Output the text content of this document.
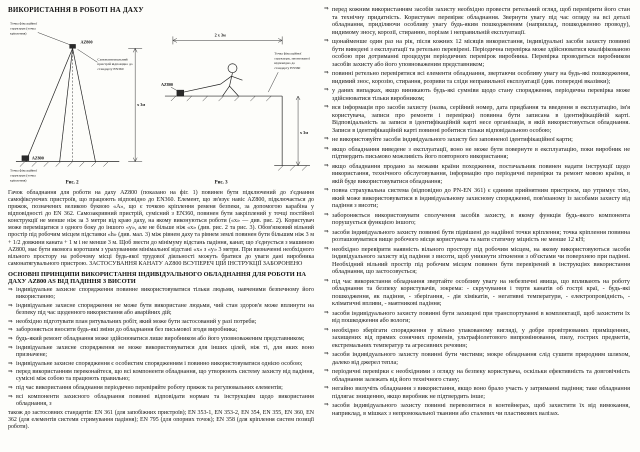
ВИКОРИСТАННЯ В РОБОТІ НА ДАХУ
Точка фіксаційної
структури (точка
кріплення)
AZ800
Самонатягувальний
пристрій відповідно до
стандарту EN360
х 3м
AZ800
Точка фіксаційної
структури (точка
кріплення)	Рис. 2
2 х 3м
Точка фіксаційної
структури, змонтованої
відповідно до
стандарту EN360
х 3м
AZ800
Рис. 3

Гачок обладнання для роботи на даху AZ800 (показано на фіг. 1) повинен бути підключений до з'єднання самофіксуючих пристроїв, що працюють відповідно до EN360. Елемент, що зв'язує навіс AZ800, підключається до пряжок, позначених великою буквою «А», що є точкою кріплення ременя безпеки, за допомогою карабіна у відповідності до EN 362. Самозакривний пристрій, сумісний з EN360, повинен бути закріплений у точці постійної конструкції не менше ніж за 3 метри від краю даху, на якому виконуються роботи («х» — див. рис. 2). Користувач може переміщатися з одного боку до іншого «у», але не більше ніж «х» (див. рис. 2 та рис. 3). Обов'язковий вільний простір під робочим місцем підставки «h» (див. мал. 3) між рівнем даху та рівнем землі повинен бути більшим ніж 3 м + 1/2 довжини каната + 1 м і не менше 3 м. Щоб звести до мінімуму відстань падіння, канат, що з'єднується з машиною AZ800, має бути якомога коротшим з урахуванням мінімальної відстані «х» з «у» 3 метри. При визначенні необхідного вільного простору на робочому місці будь-якої трудової діяльності можуть братися до уваги дані виробника самонатягувального пристрою. ЗАСТОСУВАННЯ КАНАТУ AZ800 ВСУПЕРЕЧ ЦІЙ ІНСТРУКЦІЇ ЗАБОРОНЕНО

ОСНОВНІ ПРИНЦИПИ ВИКОРИСТАННЯ ІНДИВІДУАЛЬНОГО ОБЛАДНАННЯ ДЛЯ РОБОТИ НА ДАХУ AZ800 AS ВІД ПАДІННЯ З ВИСОТИ
⇒ індивідуальне захисне спорядження повинне використовуватися тільки людьми, навченими безпечному його використанню;
⇒ індивідуальне захисне спорядження не може бути використане людьми, чий стан здоров'я може вплинути на безпеку під час щоденного використання або аварійних дій;
⇒ необхідно підготувати план рятувальних робіт, який може бути застосований у разі потреби;
⇒ забороняється вносити будь-які зміни до обладнання без письмової згоди виробника;
⇒ будь-який ремонт обладнання може здійснюватися лише виробником або його уповноваженим представником;
⇒ індивідуальне захисне спорядження не може використовуватися для інших цілей, ніж ті, для яких воно призначене;
⇒ індивідуальне захисне спорядження є особистим спорядженням і повинно використовуватися однією особою;
⇒ перед використанням переконайтеся, що всі компоненти обладнання, що утворюють систему захисту від падіння, сумісні між собою та працюють правильно;
⇒ під час використання обладнання періодично перевіряйте роботу пряжок та регулювальних елементів;
⇒ всі компоненти захисного обладнання повинні відповідати нормам та інструкціям щодо використання обладнання, з

також до застосовних стандартів: EN 361 (для запобіжних пристроїв); EN 353-1, EN 353-2, EN 354, EN 355, EN 360, EN 362 (для елементів системи стримування падіння); EN 795 (для опорних точок); EN 358 (для кріплення систем позиції роботи).

⇒ перед кожним використанням засобів захисту необхідно провести ретельний огляд, щоб перевірити його стан та технічну придатність. Користувач перевіряє обладнання. Звернути увагу під час огляду на всі деталі обладнання, приділяючи особливу увагу будь-яким пошкодженням (наприклад, пошкодженню проводу), видимому зносу, корозії, стиранню, порізам і неправильній експлуатації.
⇒ щонайменше один раз на рік, після кожних 12 місяців використання, індивідуальні засоби захисту повинні бути виведені з експлуатації та ретельно перевірені. Періодична перевірка може здійснюватися кваліфікованою особою при дотриманні процедури періодичних перевірок виробника. Перевірка проводиться виробником засобів захисту або його уповноваженим представником;
⇒ повинні ретельно перевірятися всі елементи обладнання, звертаючи особливу увагу на будь-які пошкодження, видимий знос, корозію, стирання, розриви та сліди неправильної експлуатації (див. попередні вказівки);
⇒ у даних випадках, якщо виникають будь-які сумніви щодо стану спорядження, періодична перевірка може здійснюватися тільки виробником;
⇒ вся інформація про засоби захисту (назва, серійний номер, дата придбання та введення в експлуатацію, ім'я користувача, записи про ремонти і перевірки) повинна бути записана в ідентифікаційній карті. Відповідальність за записи в ідентифікаційній карті несе організація, в якій використовується обладнання. Записи в ідентифікаційній карті повинні робитися тільки відповідальною особою;
⇒ не використовуйте засоби індивідуального захисту без заповненої ідентифікаційної карти;
⇒ якщо обладнання виведене з експлуатації, воно не може бути повернуте в експлуатацію, поки виробник не підтвердить письмово можливість його повторного використання;
⇒ якщо обладнання продано за межами країни походження, постачальник повинен надати інструкції щодо використання, технічного обслуговування, інформацію про періодичні перевірки та ремонт мовою країни, в якій буде використовуватися обладнання;
⇒ повна страхувальна система (відповідно до PN-EN 361) є єдиним прийнятним пристроєм, що утримує тіло, який може використовуватися в індивідуальному захисному спорядженні, пов'язаному із засобами захисту від падіння з висоти;
⇒ забороняється використовувати сполучення засобів захисту, в якому функція будь-якого компонента порушується функцією іншого;
⇒ засоби індивідуального захисту повинні бути підвішені до надійної точки кріплення; точка кріплення повинна розташовуватися вище робочого місця користувача та мати статичну міцність не менше 12 кН;
⇒ необхідно перевірити наявність вільного простору під робочим місцем, на якому використовуються засоби індивідуального захисту від падіння з висоти, щоб уникнути зіткнення з об'єктами чи поверхнею при падінні. Необхідний вільний простір під робочим місцем повинен бути перевірений в інструкціях використання обладнання, що застосовується;
⇒ під час використання обладнання звертайте особливу увагу на небезпечні явища, що впливають на роботу обладнання та безпеку користувачів, зокрема: - скручування і тертя канатів об гострі краї, - будь-які пошкодження, як падіння, - зберігання, - дія хімікатів, - негативні температури, - електропровідність, - кліматичні впливи, - маятникові падіння;
⇒ засоби індивідуального захисту повинні бути захищені при транспортуванні в комплектації, щоб захистити їх від пошкодження або вологи;
⇒ необхідно зберігати спорядження у вільно упакованому вигляді, у добре провітрюваних приміщеннях, захищених від прямих сонячних променів, ультрафіолетового випромінювання, пилу, гострих предметів, екстремальних температур та агресивних речовин;
⇒ засоби індивідуального захисту повинні бути чистими; мокре обладнання слід сушити природним шляхом, далеко від джерел тепла;
⇒ періодичні перевірки є необхідними з огляду на безпеку користувача, оскільки ефективність та довговічність обладнання залежать від його технічного стану;
⇒ негайно вилучіть обладнання з використання, якщо воно брало участь у затриманні падіння; таке обладнання підлягає знищенню, якщо виробник не підтвердить інше;
⇒ засоби індивідуального захисту повинні перевозитися в контейнерах, щоб захистити їх від вимокання, наприклад, в мішках з непромокальної тканини або сталевих чи пластикових валізах.
